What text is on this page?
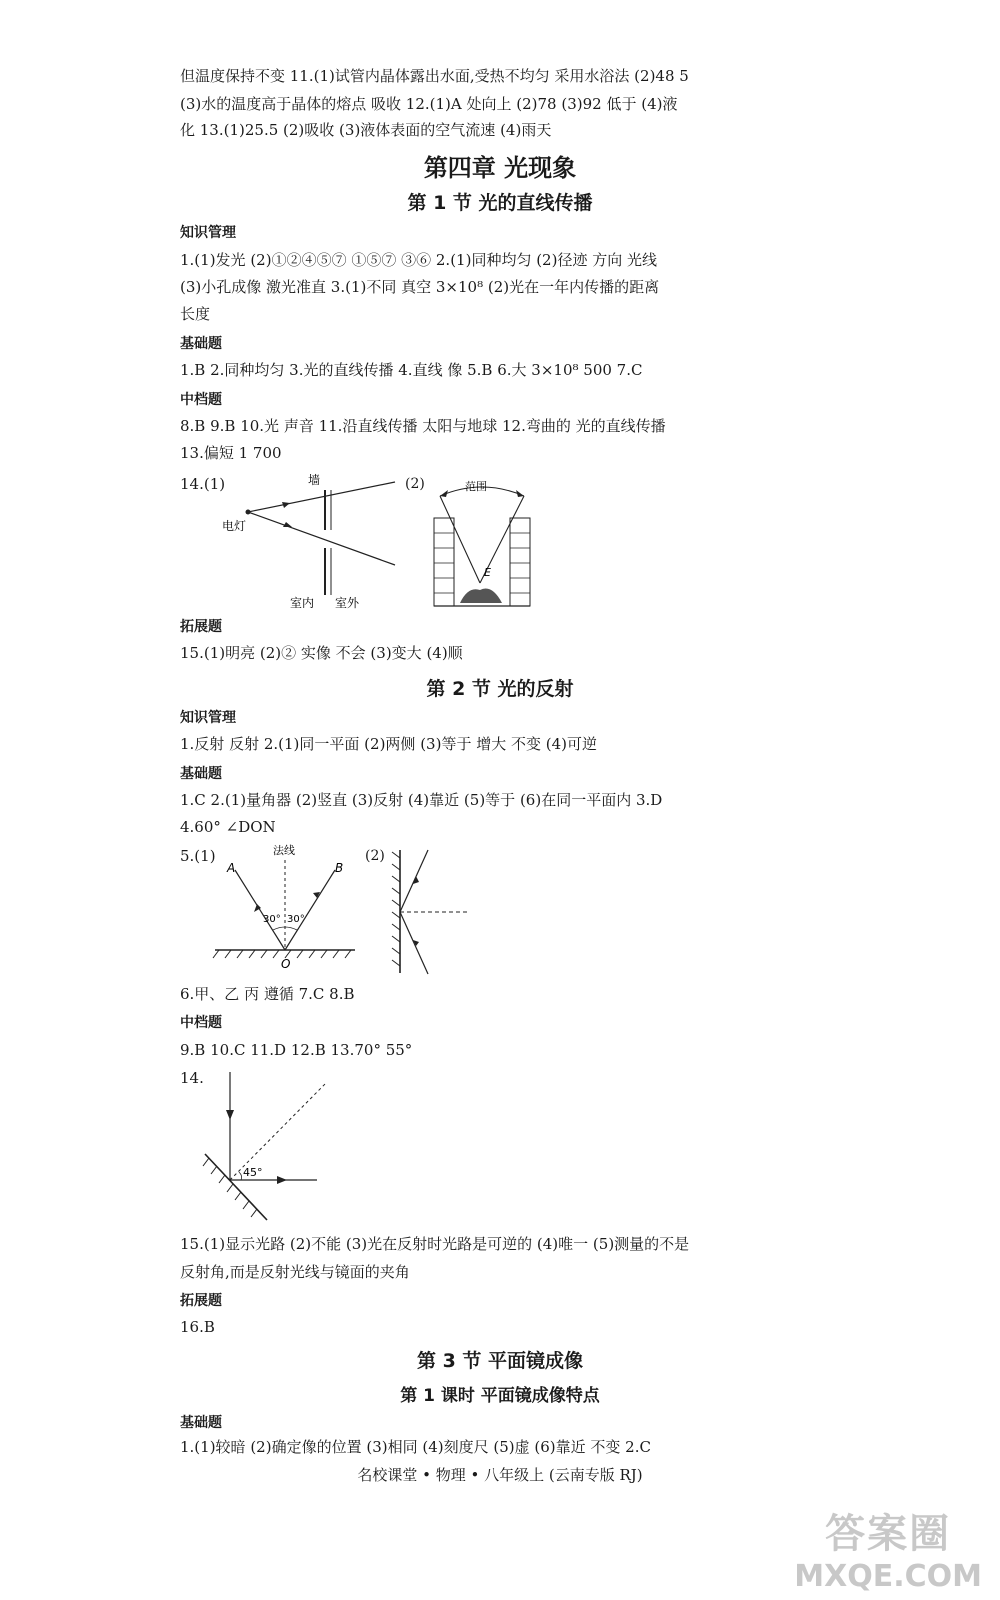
但温度保持不变 11.(1)试管内晶体露出水面,受热不均匀 采用水浴法 (2)48 5
(3)水的温度高于晶体的熔点 吸收 12.(1)A 处向上 (2)78 (3)92 低于 (4)液
化 13.(1)25.5 (2)吸收 (3)液体表面的空气流速 (4)雨天
第四章 光现象
第 1 节 光的直线传播
知识管理
1.(1)发光 (2)①②④⑤⑦ ①⑤⑦ ③⑥ 2.(1)同种均匀 (2)径迹 方向 光线
(3)小孔成像 激光准直 3.(1)不同 真空 3×10⁸ (2)光在一年内传播的距离
长度
基础题
1.B 2.同种均匀 3.光的直线传播 4.直线 像 5.B 6.大 3×10⁸ 500 7.C
中档题
8.B 9.B 10.光 声音 11.沿直线传播 太阳与地球 12.弯曲的 光的直线传播
13.偏短 1 700
14.(1)	墙
电灯
室内 室外
(2)	范围
E
拓展题
15.(1)明亮 (2)② 实像 不会 (3)变大 (4)顺
第 2 节 光的反射
知识管理
1.反射 反射 2.(1)同一平面 (2)两侧 (3)等于 增大 不变 (4)可逆
基础题
1.C 2.(1)量角器 (2)竖直 (3)反射 (4)靠近 (5)等于 (6)在同一平面内 3.D
4.60° ∠DON
5.(1)	法线
A	B
O
30° 30°
(2)
6.甲、乙 丙 遵循 7.C 8.B
中档题
9.B 10.C 11.D 12.B 13.70° 55°
14.
45°
15.(1)显示光路 (2)不能 (3)光在反射时光路是可逆的 (4)唯一 (5)测量的不是
反射角,而是反射光线与镜面的夹角
拓展题
16.B
第 3 节 平面镜成像
第 1 课时 平面镜成像特点
基础题
1.(1)较暗 (2)确定像的位置 (3)相同 (4)刻度尺 (5)虚 (6)靠近 不变 2.C
名校课堂 • 物理 • 八年级上 (云南专版 RJ)
答案圈
MXQE.COM
